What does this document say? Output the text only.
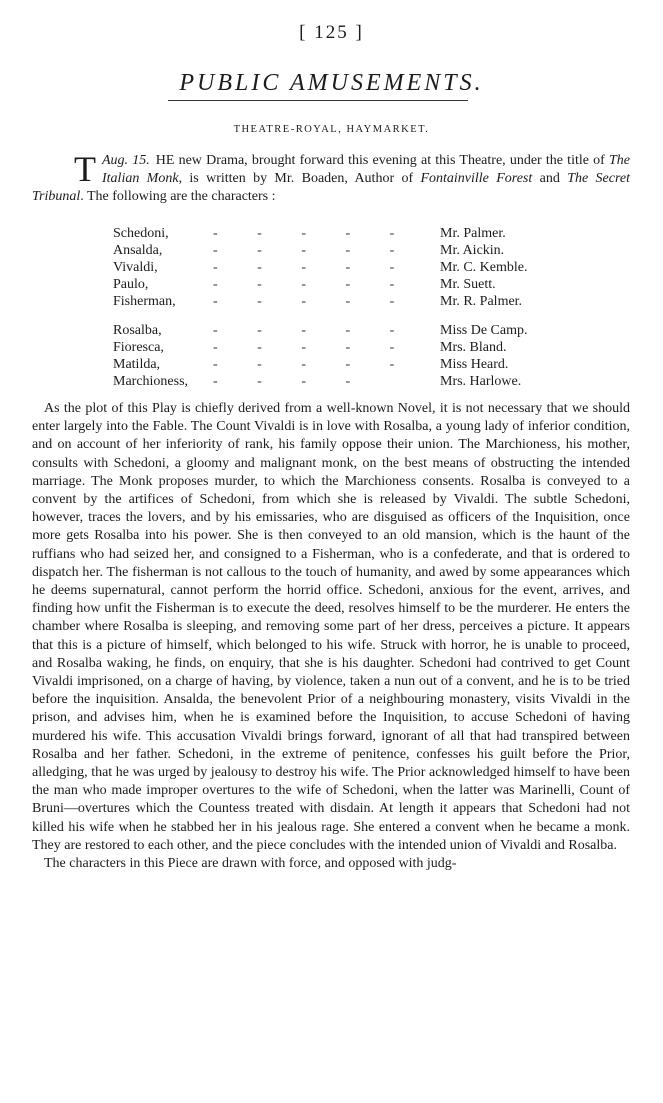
[ 125 ]
PUBLIC AMUSEMENTS.
THEATRE-ROYAL, HAYMARKET.

Aug. 15.
T	HE new Drama, brought forward this evening at this Theatre, under the title of The Italian Monk, is written by Mr. Boaden, Author of Fontainville Forest and The Secret Tribunal. The following are the characters :

Schedoni,	- - - - -	Mr. Palmer.
Ansalda,	- - - - -	Mr. Aickin.
Vivaldi,	- - - - -	Mr. C. Kemble.
Paulo,	- - - - -	Mr. Suett.
Fisherman,	- - - - -	Mr. R. Palmer.
Rosalba,	- - - - -	Miss De Camp.
Fioresca,	- - - - -	Mrs. Bland.
Matilda,	- - - - -	Miss Heard.
Marchioness, - - - -	Mrs. Harlowe.

As the plot of this Play is chiefly derived from a well-known Novel, it is not necessary that we should enter largely into the Fable. The Count Vivaldi is in love with Rosalba, a young lady of inferior condition, and on account of her inferiority of rank, his family oppose their union. The Marchioness, his mother, consults with Schedoni, a gloomy and malignant monk, on the best means of obstructing the intended marriage. The Monk proposes murder, to which the Marchioness consents. Rosalba is conveyed to a convent by the artifices of Schedoni, from which she is released by Vivaldi. The subtle Schedoni, however, traces the lovers, and by his emissaries, who are disguised as officers of the Inquisition, once more gets Rosalba into his power. She is then conveyed to an old mansion, which is the haunt of the ruffians who had seized her, and consigned to a Fisherman, who is a confederate, and that is ordered to dispatch her. The fisherman is not callous to the touch of humanity, and awed by some appearances which he deems supernatural, cannot perform the horrid office. Schedoni, anxious for the event, arrives, and finding how unfit the Fisherman is to execute the deed, resolves himself to be the murderer. He enters the chamber where Rosalba is sleeping, and removing some part of her dress, perceives a picture. It appears that this is a picture of himself, which belonged to his wife. Struck with horror, he is unable to proceed, and Rosalba waking, he finds, on enquiry, that she is his daughter. Schedoni had contrived to get Count Vivaldi imprisoned, on a charge of having, by violence, taken a nun out of a convent, and he is to be tried before the inquisition. Ansalda, the benevolent Prior of a neighbouring monastery, visits Vivaldi in the prison, and advises him, when he is examined before the Inquisition, to accuse Schedoni of having murdered his wife. This accusation Vivaldi brings forward, ignorant of all that had transpired between Rosalba and her father. Schedoni, in the extreme of penitence, confesses his guilt before the Prior, alledging, that he was urged by jealousy to destroy his wife. The Prior acknowledged himself to have been the man who made improper overtures to the wife of Schedoni, when the latter was Marinelli, Count of Bruni—overtures which the Countess treated with disdain. At length it appears that Schedoni had not killed his wife when he stabbed her in his jealous rage. She entered a convent when he became a monk. They are restored to each other, and the piece concludes with the intended union of Vivaldi and Rosalba.

The characters in this Piece are drawn with force, and opposed with judg-
